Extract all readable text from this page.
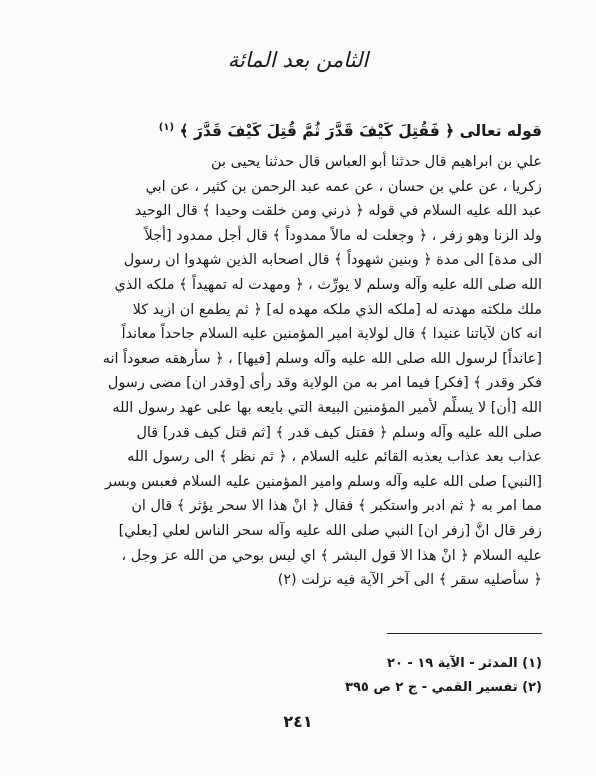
الثامن بعد المائة
قوله تعالى ﴿ فَقُتِلَ كَيْفَ قَدَّرَ ثُمَّ قُتِلَ كَيْفَ قَدَّرَ ﴾ $^{(١)}$
علي بن ابراهيم قال حدثنا أبو العباس قال حدثنا يحيى بن
زكريا ، عن علي بن حسان ، عن عمه عبد الرحمن بن كثير ، عن ابي
عبد الله عليه السلام في قوله ﴿ ذرني ومن خلقت وحيدا ﴾ قال الوحيد
ولد الزنا وهو زفر ، ﴿ وجعلت له مالاً ممدوداً ﴾ قال أجل ممدود [أجلاً
الى مدة] الى مدة ﴿ وبنين شهوداً ﴾ قال اصحابه الذين شهدوا ان رسول
الله صلى الله عليه وآله وسلم لا يورِّث ، ﴿ ومهدت له تمهيداً ﴾ ملكه الذي
ملك ملكته مهدته له [ملكه الذي ملكه مهده له] ﴿ ثم يطمع ان ازيد كلا
انه كان لآياتنا عنيدا ﴾ قال لولاية امير المؤمنين عليه السلام جاحداً معانداً
[عانداً] لرسول الله صلى الله عليه وآله وسلم [فيها] ، ﴿ سأرهقه صعوداً انه
فكر وقدر ﴾ [فكر] فيما امر به من الولاية وقد رأى [وقدر ان] مضى رسول
الله [أن] لا يسلِّم لأمير المؤمنين البيعة التي بايعه بها على عهد رسول الله
صلى الله عليه وآله وسلم ﴿ فقتل كيف قدر ﴾ [ثم قتل كيف قدر] قال
عذاب بعد عذاب يعذبه القائم عليه السلام ، ﴿ ثم نظر ﴾ الى رسول الله
[النبي] صلى الله عليه وآله وسلم وامير المؤمنين عليه السلام فعبس وبسر
مما امر به ﴿ ثم ادبر واستكبر ﴾ فقال ﴿ انْ هذا الا سحر يؤثر ﴾ قال ان
زفر قال انَّ [زفر ان] النبي صلى الله عليه وآله سحر الناس لعلي [بعلي]
عليه السلام ﴿ انْ هذا الا قول البشر ﴾ اي ليس بوحي من الله عز وجل ،
﴿ سأصليه سقر ﴾ الى آخر الآية فيه نزلت (٢)
(١) المدثر - الآية ١٩ - ٢٠
(٢) تفسير القمي - ج ٢ ص ٣٩٥
٢٤١
